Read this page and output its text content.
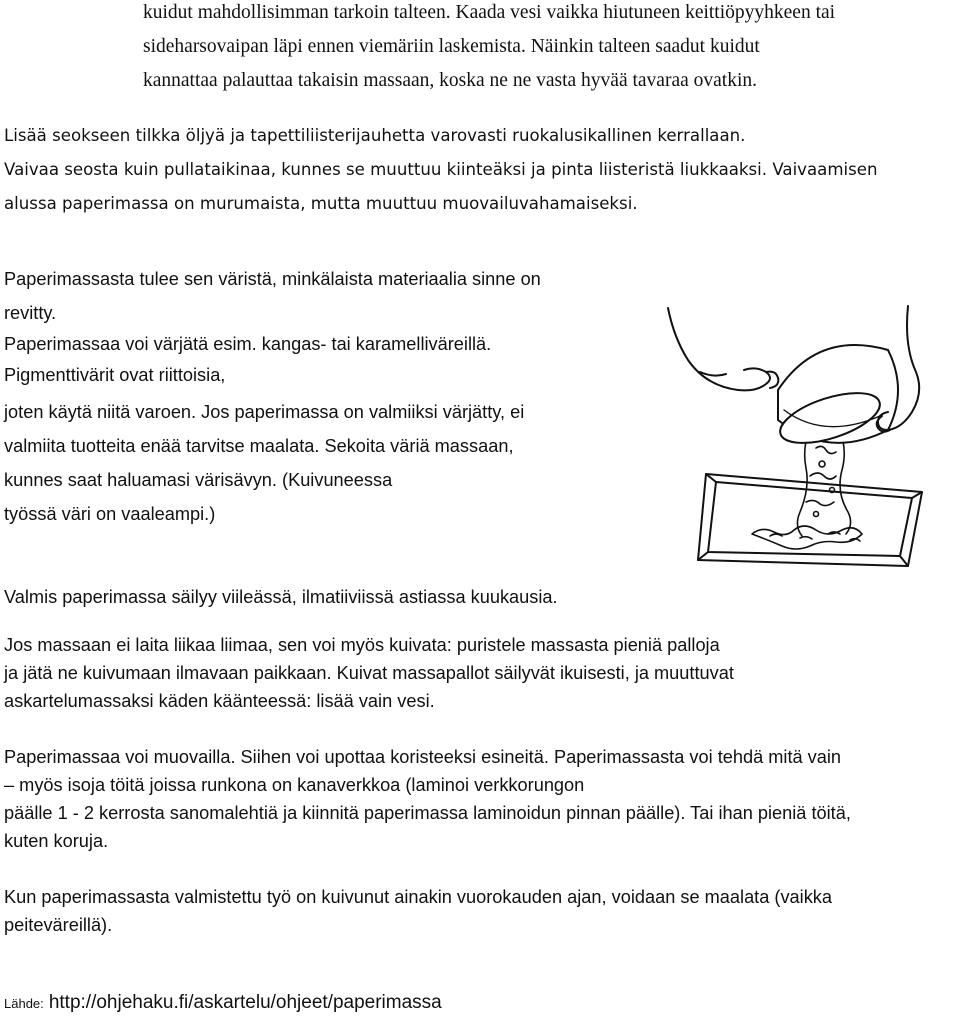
kuidut mahdollisimman tarkoin talteen. Kaada vesi vaikka hiutuneen keittiöpyyhkeen tai
sideharsovaipan läpi ennen viemäriin laskemista. Näinkin talteen saadut kuidut
kannattaa palauttaa takaisin massaan, koska ne ne vasta hyvää tavaraa ovatkin.
Lisää seokseen tilkka öljyä ja tapettiliisterijauhetta varovasti ruokalusikallinen kerrallaan.
Vaivaa seosta kuin pullataikinaa, kunnes se muuttuu kiinteäksi ja pinta liisteristä liukkaaksi. Vaivaamisen
alussa paperimassa on murumaista, mutta muuttuu muovailuvahamaiseksi.
Paperimassasta tulee sen väristä, minkälaista materiaalia sinne on
revitty.
Paperimassaa voi värjätä esim. kangas- tai karamelliväreillä.
Pigmenttivärit ovat riittoisia,
joten käytä niitä varoen. Jos paperimassa on valmiiksi värjätty, ei
valmiita tuotteita enää tarvitse maalata. Sekoita väriä massaan,
kunnes saat haluamasi värisävyn. (Kuivuneessa
työssä väri on vaaleampi.)
Valmis paperimassa säilyy viileässä, ilmatiiviissä astiassa kuukausia.
Jos massaan ei laita liikaa liimaa, sen voi myös kuivata: puristele massasta pieniä palloja
ja jätä ne kuivumaan ilmavaan paikkaan. Kuivat massapallot säilyvät ikuisesti, ja muuttuvat
askartelumassaksi käden käänteessä: lisää vain vesi.
Paperimassaa voi muovailla. Siihen voi upottaa koristeeksi esineitä. Paperimassasta voi tehdä mitä vain
– myös isoja töitä joissa runkona on kanaverkkoa (laminoi verkkorungon
päälle 1 - 2 kerrosta sanomalehtiä ja kiinnitä paperimassa laminoidun pinnan päälle). Tai ihan pieniä töitä,
kuten koruja.
Kun paperimassasta valmistettu työ on kuivunut ainakin vuorokauden ajan, voidaan se maalata (vaikka
peiteväreillä).
Lähde: http://ohjehaku.fi/askartelu/ohjeet/paperimassa
